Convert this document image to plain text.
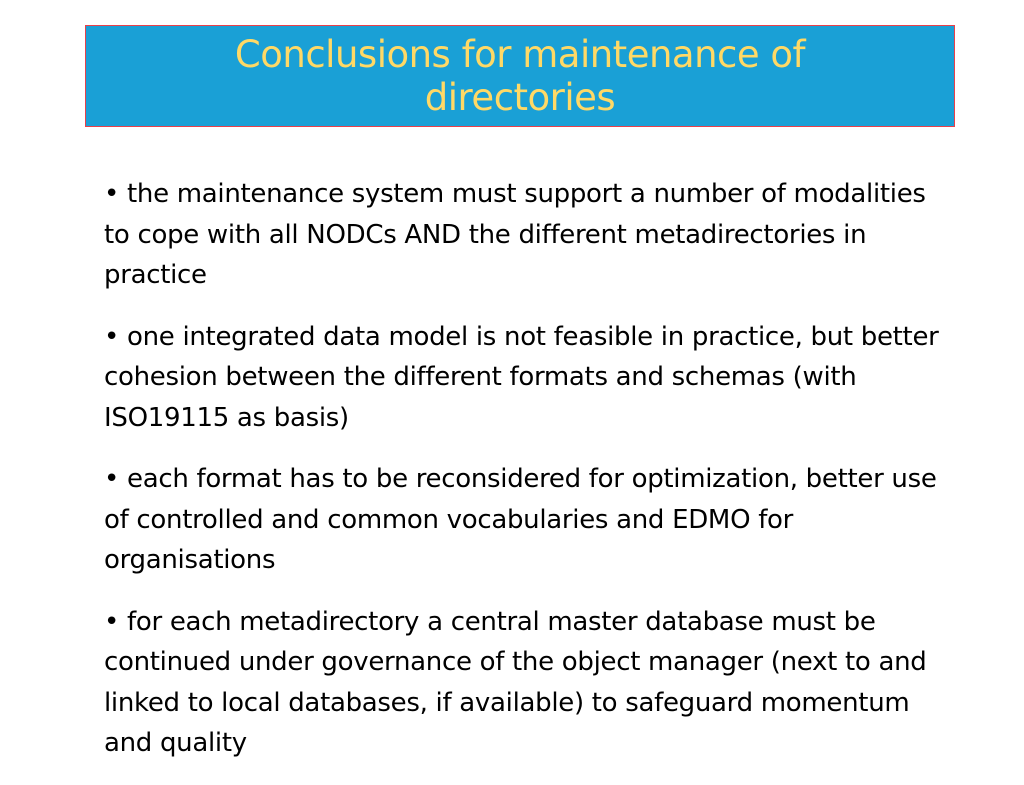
Conclusions for maintenance of directories
• the maintenance system must support a number of modalities to cope with all NODCs AND the different metadirectories in practice
• one integrated data model is not feasible in practice, but better cohesion between the different formats and schemas (with ISO19115 as basis)
• each format has to be reconsidered for optimization, better use of controlled and common vocabularies and EDMO for organisations
• for each metadirectory a central master database must be continued under governance of the object manager (next to and linked to local databases, if available) to safeguard momentum and quality
